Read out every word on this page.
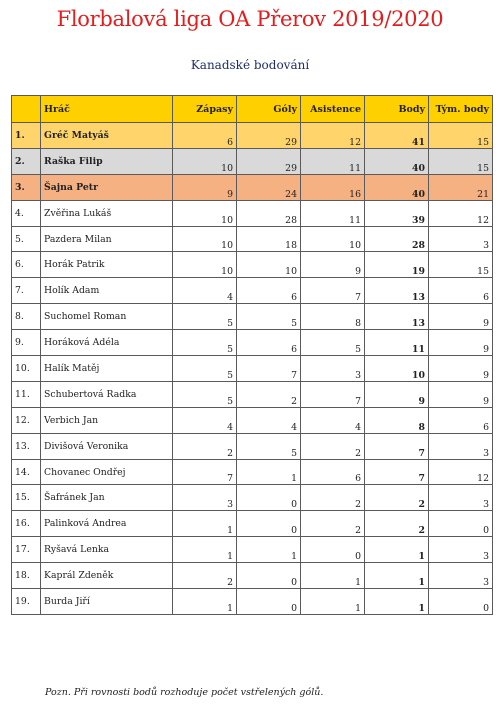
Florbalová liga OA Přerov 2019/2020
Kanadské bodování
	Hráč	Zápasy	Góly	Asistence	Body	Tým. body
1.	Gréč Matyáš	6	29	12	41	15
2.	Raška Filip	10	29	11	40	15
3.	Šajna Petr	9	24	16	40	21
4.	Zvěřina Lukáš	10	28	11	39	12
5.	Pazdera Milan	10	18	10	28	3
6.	Horák Patrik	10	10	9	19	15
7.	Holík Adam	4	6	7	13	6
8.	Suchomel Roman	5	5	8	13	9
9.	Horáková Adéla	5	6	5	11	9
10.	Halík Matěj	5	7	3	10	9
11.	Schubertová Radka	5	2	7	9	9
12.	Verbich Jan	4	4	4	8	6
13.	Divišová Veronika	2	5	2	7	3
14.	Chovanec Ondřej	7	1	6	7	12
15.	Šafránek Jan	3	0	2	2	3
16.	Palinková Andrea	1	0	2	2	0
17.	Ryšavá Lenka	1	1	0	1	3
18.	Kaprál Zdeněk	2	0	1	1	3
19.	Burda Jiří	1	0	1	1	0
Pozn. Při rovnosti bodů rozhoduje počet vstřelených gólů.
